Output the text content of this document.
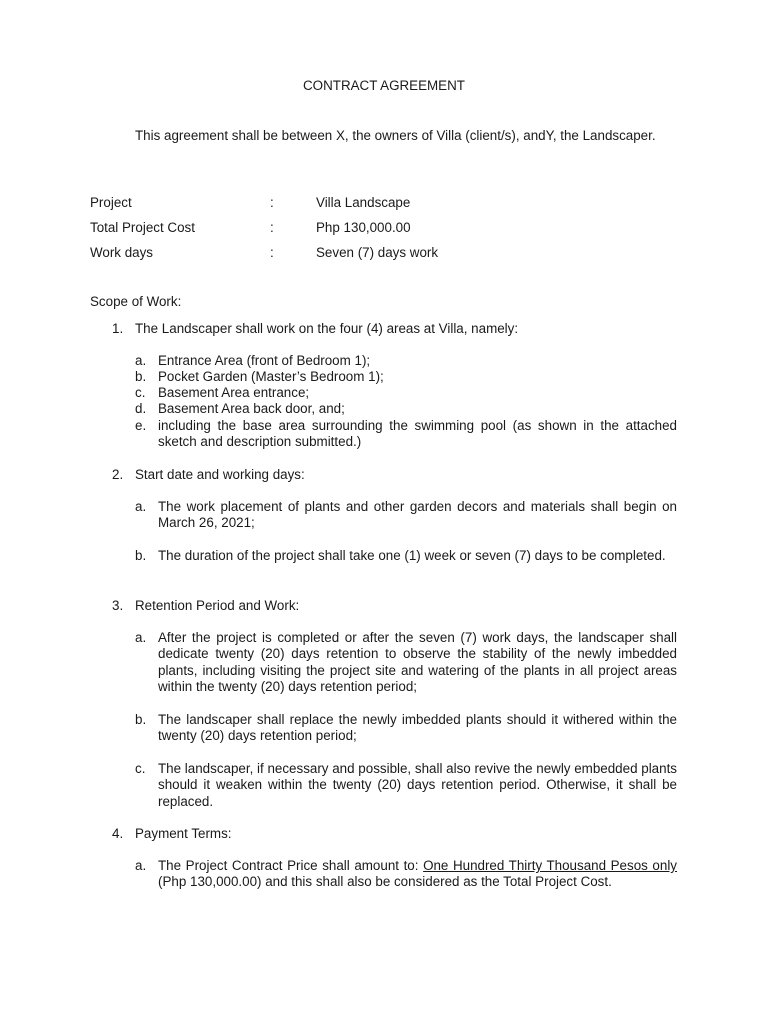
CONTRACT AGREEMENT
This agreement shall be between X, the owners of Villa (client/s), andY, the Landscaper.
Project	:	Villa Landscape
Total Project Cost	:	Php 130,000.00
Work days	:	Seven (7) days work
Scope of Work:
1. The Landscaper shall work on the four (4) areas at Villa, namely:
a. Entrance Area (front of Bedroom 1);
b. Pocket Garden (Master’s Bedroom 1);
c. Basement Area entrance;
d. Basement Area back door, and;
e. including the base area surrounding the swimming pool (as shown in the attached sketch and description submitted.)
2. Start date and working days:
a. The work placement of plants and other garden decors and materials shall begin on March 26, 2021;
b. The duration of the project shall take one (1) week or seven (7) days to be completed.
3. Retention Period and Work:
a. After the project is completed or after the seven (7) work days, the landscaper shall dedicate twenty (20) days retention to observe the stability of the newly imbedded plants, including visiting the project site and watering of the plants in all project areas within the twenty (20) days retention period;
b. The landscaper shall replace the newly imbedded plants should it withered within the twenty (20) days retention period;
c. The landscaper, if necessary and possible, shall also revive the newly embedded plants should it weaken within the twenty (20) days retention period. Otherwise, it shall be replaced.
4. Payment Terms:
a. The Project Contract Price shall amount to: One Hundred Thirty Thousand Pesos only (Php 130,000.00) and this shall also be considered as the Total Project Cost.
